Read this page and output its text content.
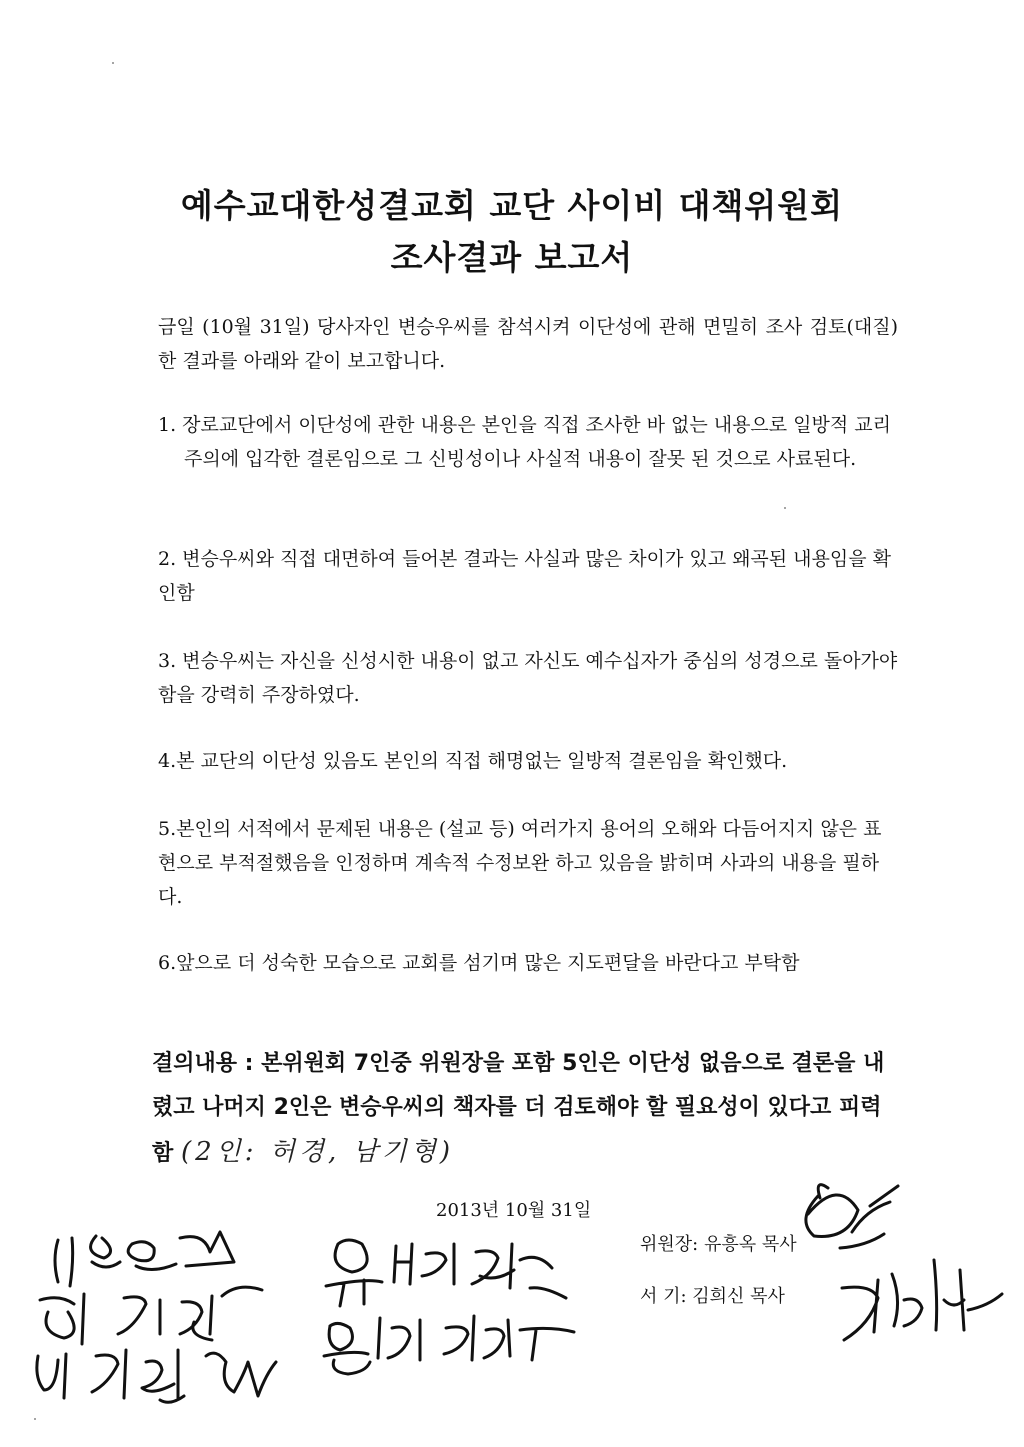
예수교대한성결교회 교단 사이비 대책위원회
조사결과 보고서

금일 (10월 31일) 당사자인 변승우씨를 참석시켜 이단성에 관해 면밀히 조사 검토(대질)한 결과를 아래와 같이 보고합니다.

1. 장로교단에서 이단성에 관한 내용은 본인을 직접 조사한 바 없는 내용으로 일방적 교리주의에 입각한 결론임으로 그 신빙성이나 사실적 내용이 잘못 된 것으로 사료된다.

2. 변승우씨와 직접 대면하여 들어본 결과는 사실과 많은 차이가 있고 왜곡된 내용임을 확인함

3. 변승우씨는 자신을 신성시한 내용이 없고 자신도 예수십자가 중심의 성경으로 돌아가야 함을 강력히 주장하였다.

4.본 교단의 이단성 있음도 본인의 직접 해명없는 일방적 결론임을 확인했다.

5.본인의 서적에서 문제된 내용은 (설교 등) 여러가지 용어의 오해와 다듬어지지 않은 표현으로 부적절했음을 인정하며 계속적 수정보완 하고 있음을 밝히며 사과의 내용을 필하다.

6.앞으로 더 성숙한 모습으로 교회를 섬기며 많은 지도편달을 바란다고 부탁함

결의내용 : 본위원회 7인중 위원장을 포함 5인은 이단성 없음으로 결론을 내렸고 나머지 2인은 변승우씨의 책자를 더 검토해야 할 필요성이 있다고 피력함 (2인: 허경, 남기형)

2013년 10월 31일
위원장: 유흥옥 목사
서 기: 김희신 목사
